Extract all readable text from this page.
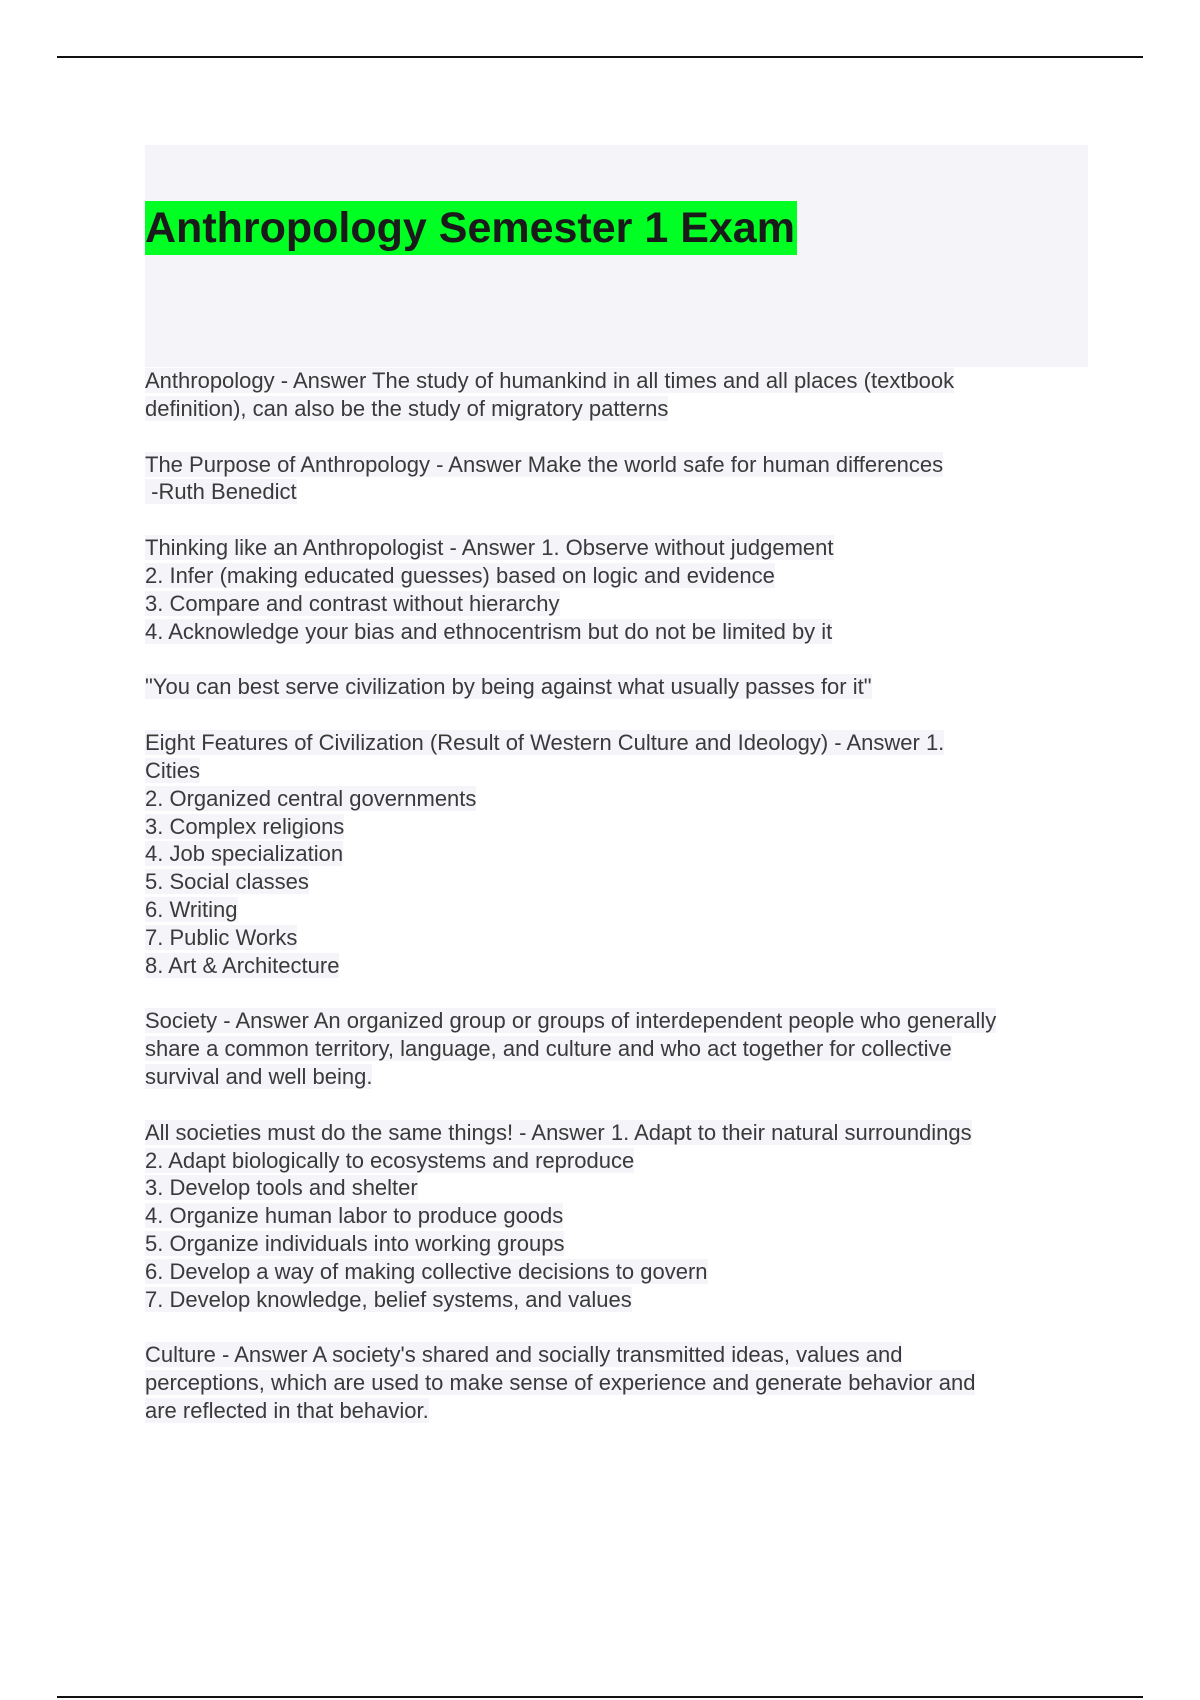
Anthropology Semester 1 Exam
Anthropology - Answer The study of humankind in all times and all places (textbook
definition), can also be the study of migratory patterns
The Purpose of Anthropology - Answer Make the world safe for human differences
-Ruth Benedict
Thinking like an Anthropologist - Answer 1. Observe without judgement
2. Infer (making educated guesses) based on logic and evidence
3. Compare and contrast without hierarchy
4. Acknowledge your bias and ethnocentrism but do not be limited by it
"You can best serve civilization by being against what usually passes for it"
Eight Features of Civilization (Result of Western Culture and Ideology) - Answer 1.
Cities
2. Organized central governments
3. Complex religions
4. Job specialization
5. Social classes
6. Writing
7. Public Works
8. Art & Architecture
Society - Answer An organized group or groups of interdependent people who generally
share a common territory, language, and culture and who act together for collective
survival and well being.
All societies must do the same things! - Answer 1. Adapt to their natural surroundings
2. Adapt biologically to ecosystems and reproduce
3. Develop tools and shelter
4. Organize human labor to produce goods
5. Organize individuals into working groups
6. Develop a way of making collective decisions to govern
7. Develop knowledge, belief systems, and values
Culture - Answer A society's shared and socially transmitted ideas, values and
perceptions, which are used to make sense of experience and generate behavior and
are reflected in that behavior.
